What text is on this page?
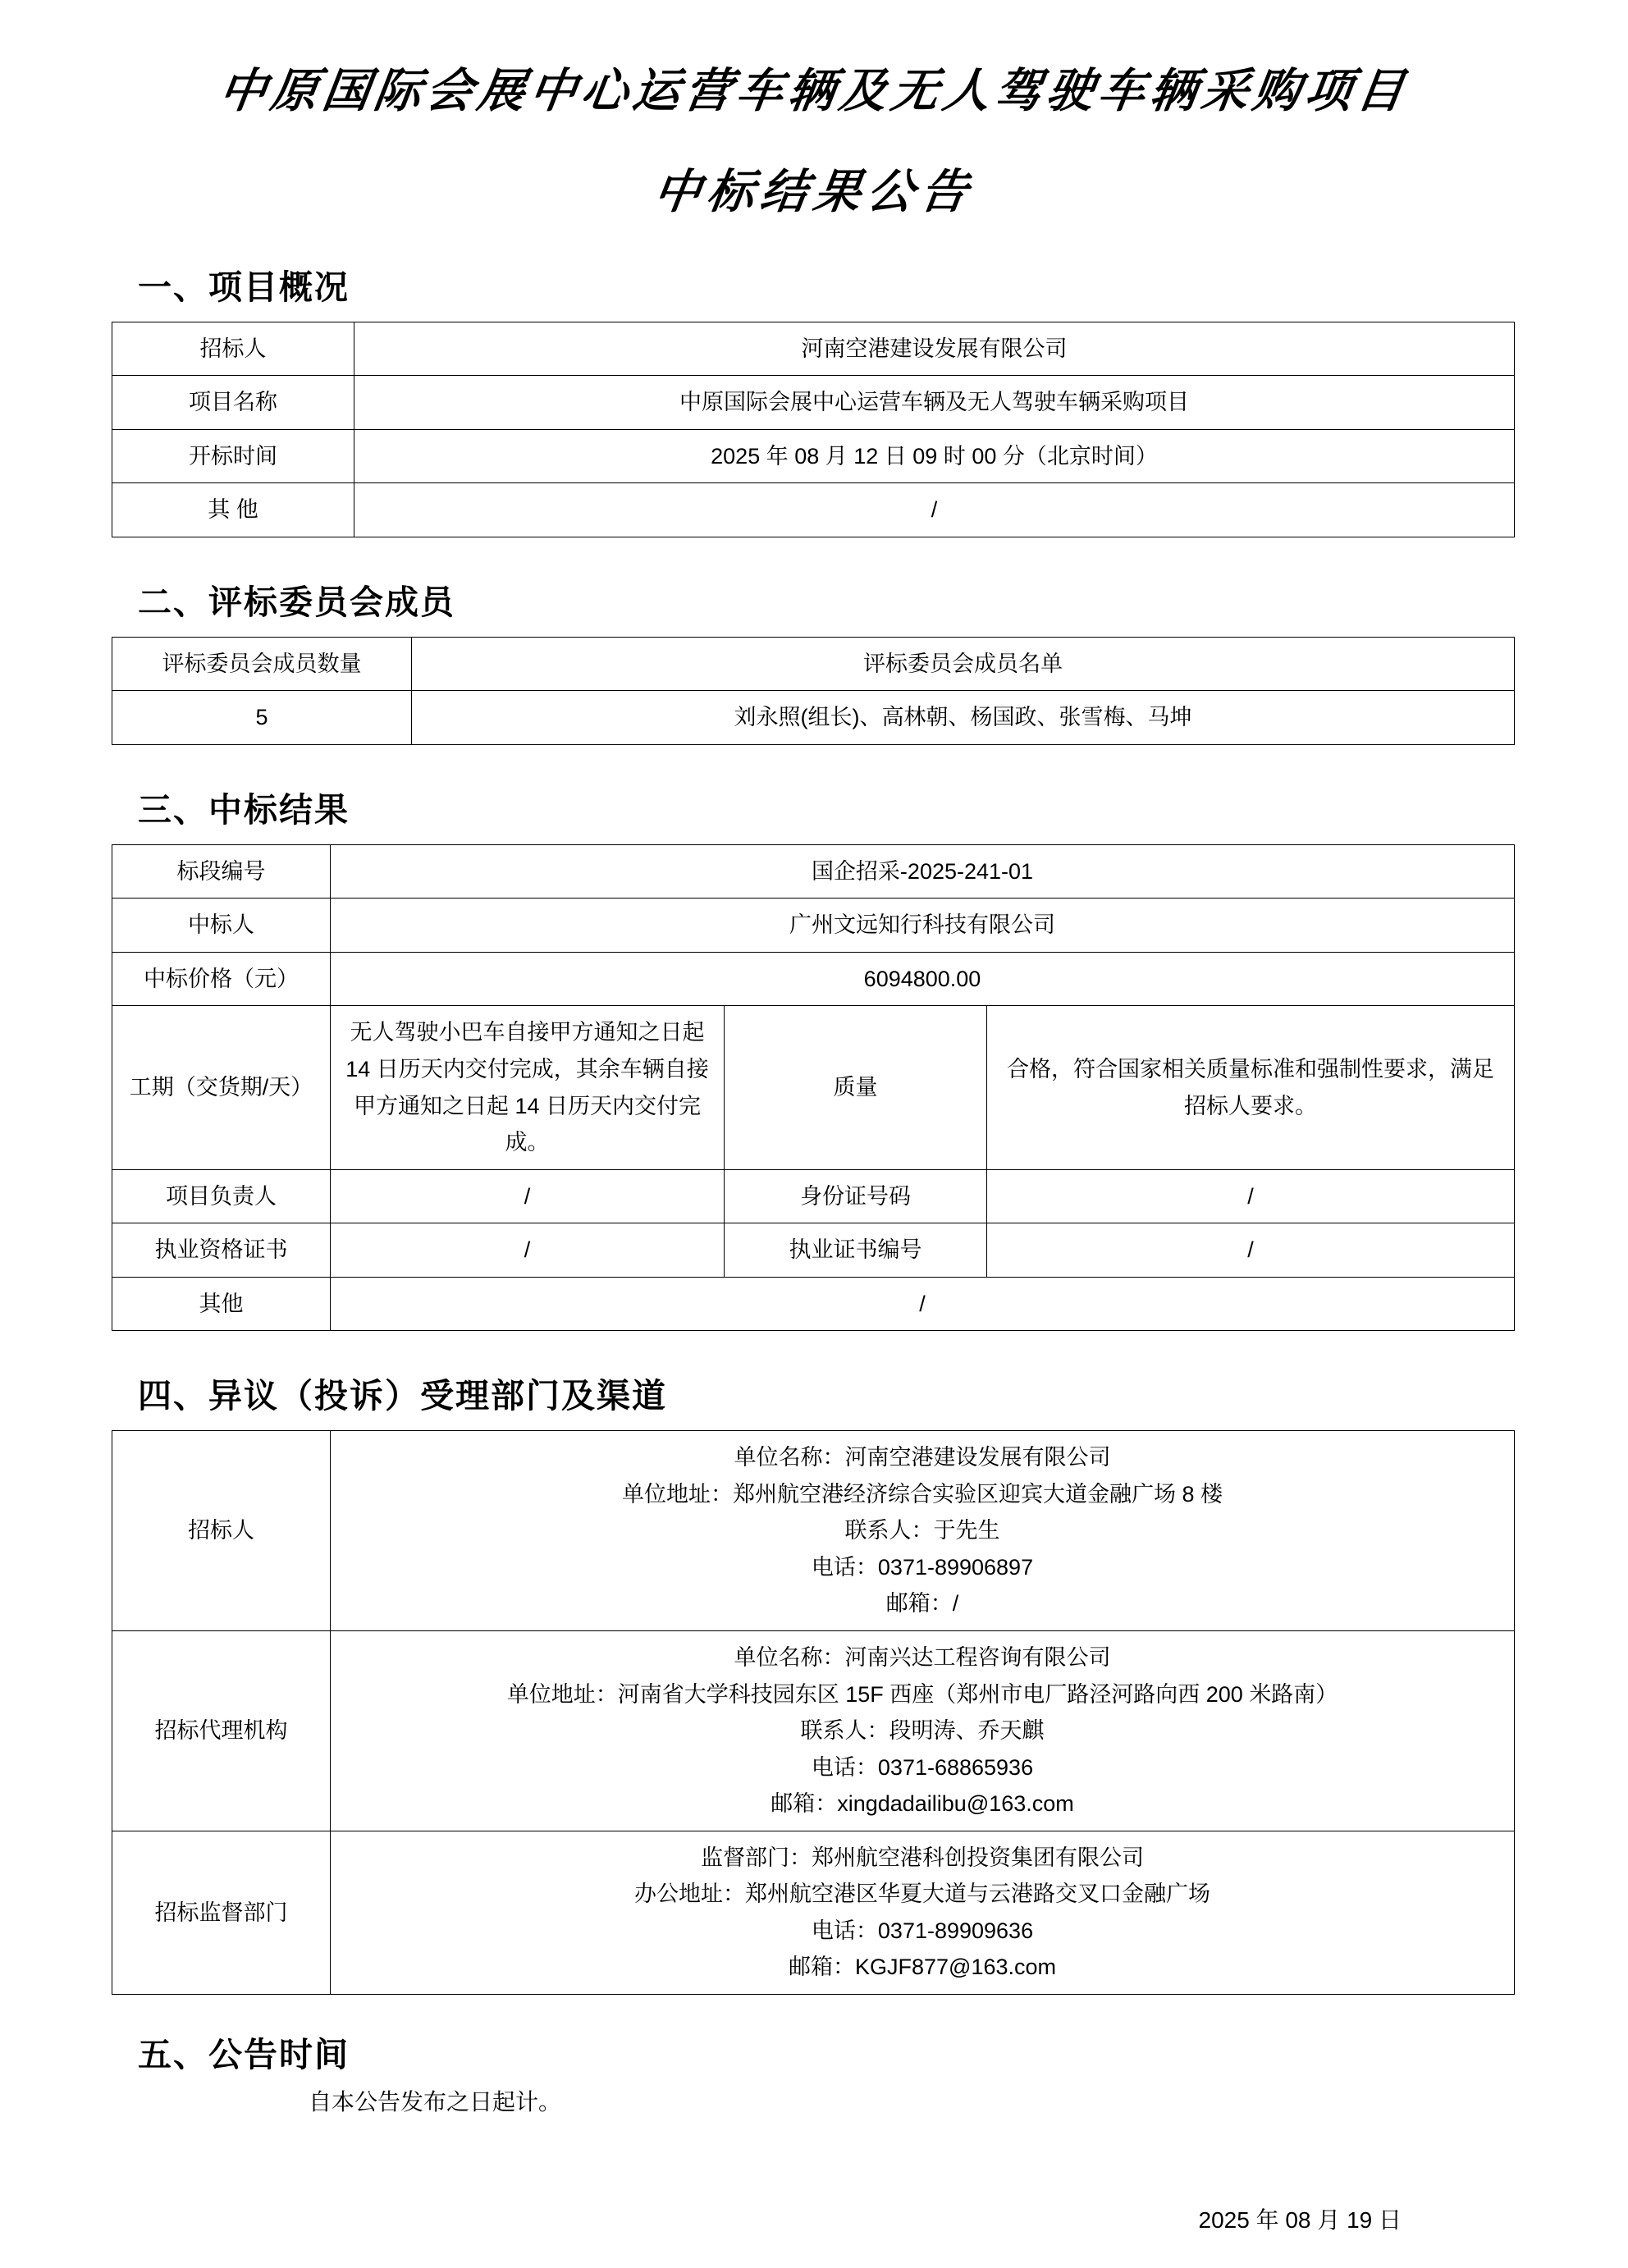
中原国际会展中心运营车辆及无人驾驶车辆采购项目
中标结果公告
一、项目概况
招标人	河南空港建设发展有限公司
项目名称	中原国际会展中心运营车辆及无人驾驶车辆采购项目
开标时间	2025 年 08 月 12 日 09 时 00 分（北京时间）
其 他	/
二、评标委员会成员
评标委员会成员数量	评标委员会成员名单
5	刘永照(组长)、高林朝、杨国政、张雪梅、马坤
三、中标结果
标段编号	国企招采-2025-241-01		
中标人	广州文远知行科技有限公司		
中标价格（元）	6094800.00		
工期（交货期/天）	无人驾驶小巴车自接甲方通知之日起 14 日历天内交付完成，其余车辆自接甲方通知之日起 14 日历天内交付完成。	质量	合格，符合国家相关质量标准和强制性要求，满足招标人要求。
项目负责人	/	身份证号码	/
执业资格证书	/	执业证书编号	/
其他	/		
四、异议（投诉）受理部门及渠道
招标人	单位名称：河南空港建设发展有限公司
单位地址：郑州航空港经济综合实验区迎宾大道金融广场 8 楼
联系人：于先生
电话：0371-89906897
邮箱：/

招标代理机构	单位名称：河南兴达工程咨询有限公司
单位地址：河南省大学科技园东区 15F 西座（郑州市电厂路泾河路向西 200 米路南）
联系人：段明涛、乔天麒
电话：0371-68865936
邮箱：xingdadailibu@163.com

招标监督部门	监督部门：郑州航空港科创投资集团有限公司
办公地址：郑州航空港区华夏大道与云港路交叉口金融广场
电话：0371-89909636
邮箱：KGJF877@163.com
五、公告时间
自本公告发布之日起计。
2025 年 08 月 19 日
